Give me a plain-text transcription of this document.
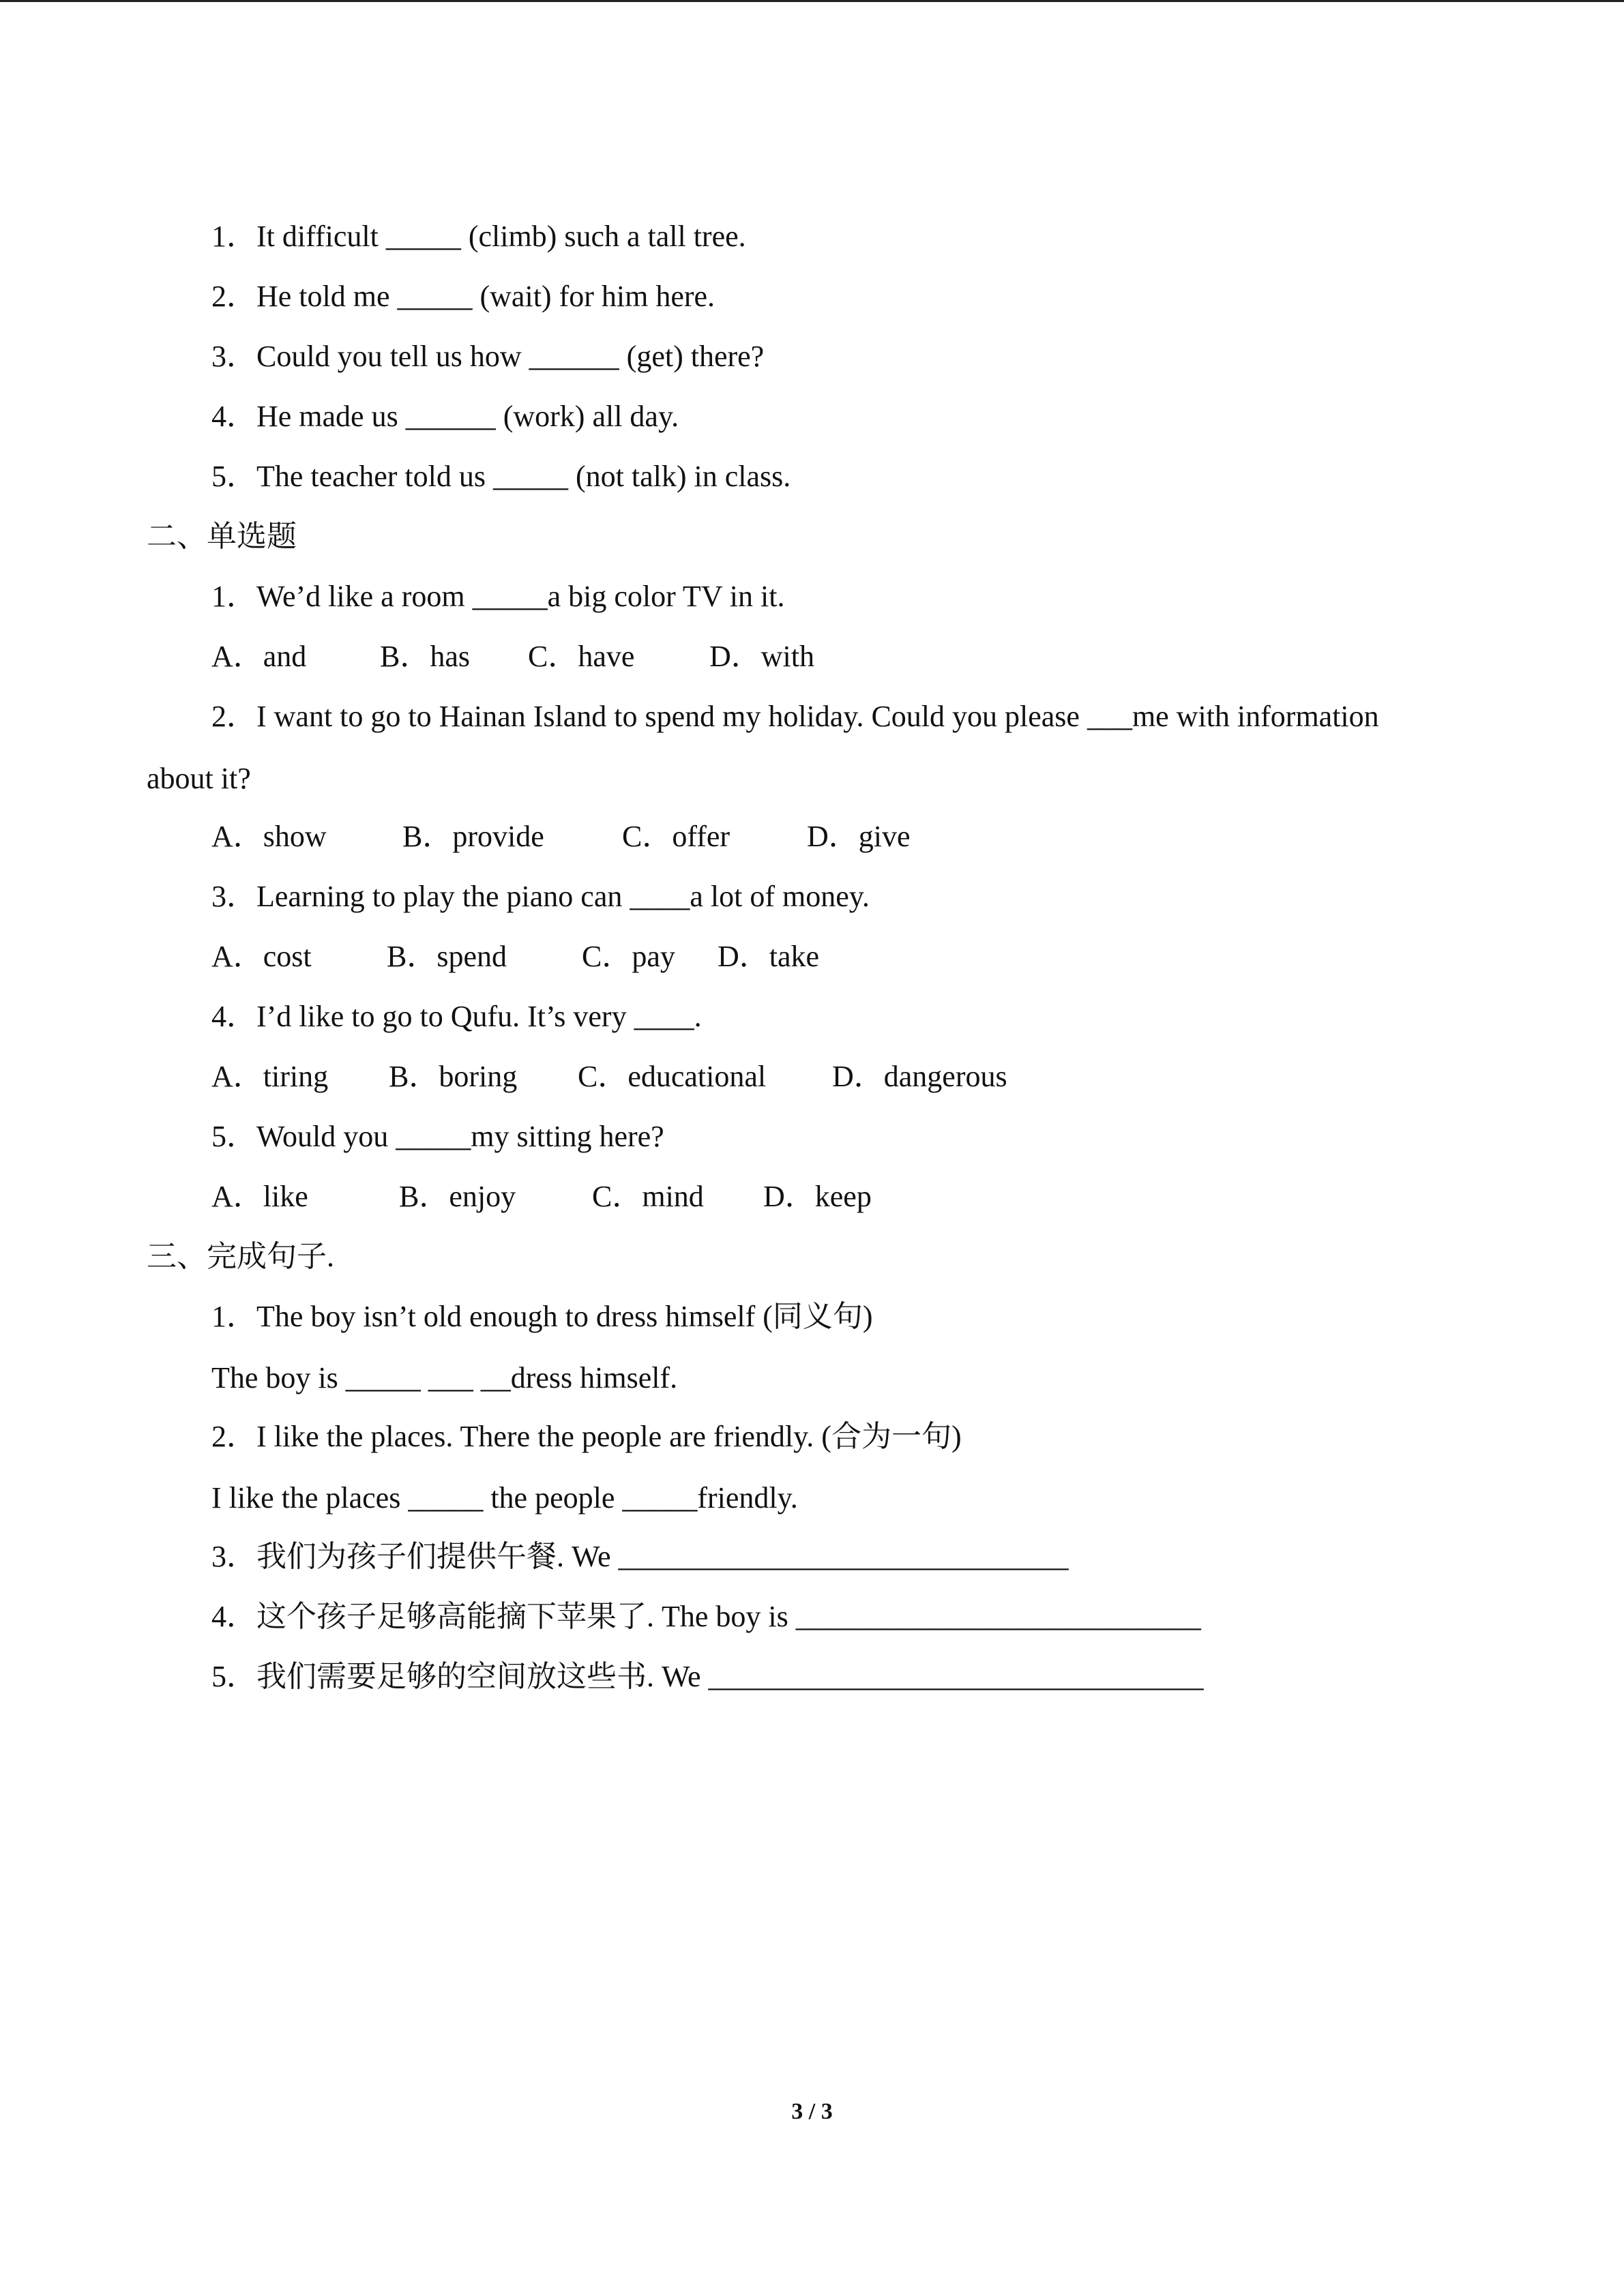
1．It difficult _____ (climb) such a tall tree.
2．He told me _____ (wait) for him here.
3．Could you tell us how ______ (get) there?
4．He made us ______ (work) all day.
5．The teacher told us _____ (not talk) in class.
二、单选题
1．We’d like a room _____a big color TV in it.
A．and B．has C．have D．with
2．I want to go to Hainan Island to spend my holiday. Could you please ___me with information
about it?
A．show	B．provide	C．offer	D．give
3．Learning to play the piano can ____a lot of money.
A．cost	B．spend	C．pay D．take
4．I’d like to go to Qufu. It’s very ____.
A．tiring B．boring C．educational D．dangerous
5．Would you _____my sitting here?
A．like	B．enjoy	C．mind D．keep
三、完成句子.
1．The boy isn’t old enough to dress himself (同义句)
The boy is _____ ___ __dress himself.
2．I like the places. There the people are friendly. (合为一句)
I like the places _____ the people _____friendly.
3．我们为孩子们提供午餐. We ______________________________
4．这个孩子足够高能摘下苹果了. The boy is ___________________________
5．我们需要足够的空间放这些书. We _________________________________
3 / 3
